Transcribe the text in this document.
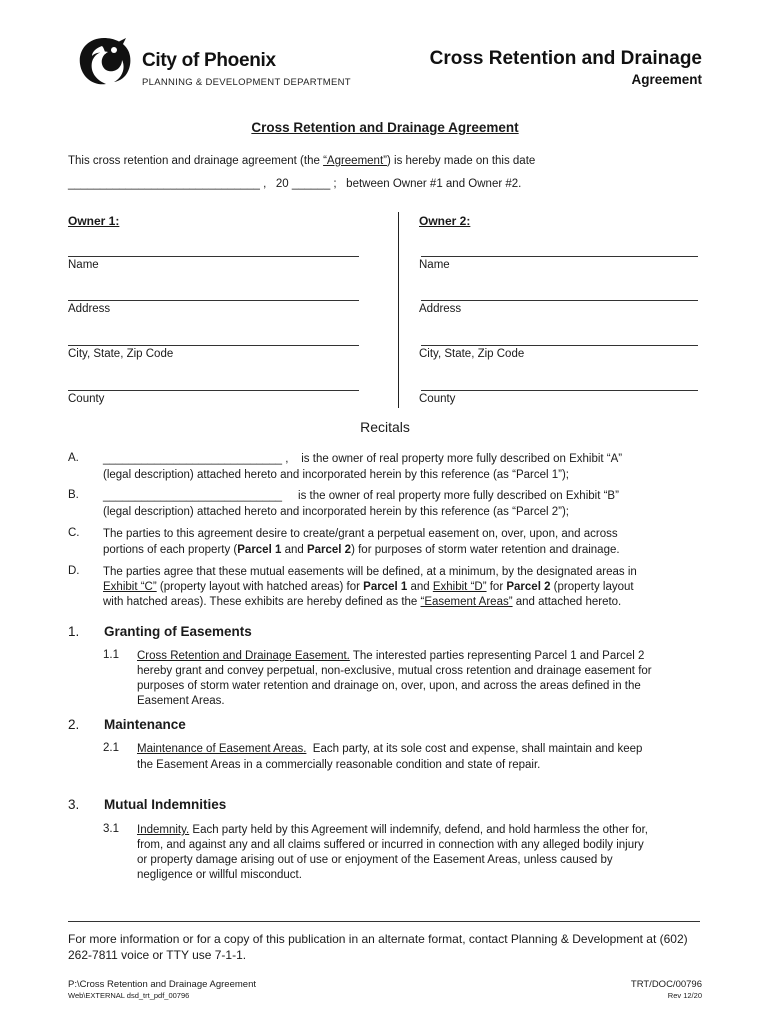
City of Phoenix
PLANNING & DEVELOPMENT DEPARTMENT
Cross Retention and Drainage
Agreement
Cross Retention and Drainage Agreement
This cross retention and drainage agreement (the “Agreement”) is hereby made on this date
______________________________ ,   20 ______ ;   between Owner #1 and Owner #2.
Owner 1:	Owner 2:
Name
Address
City, State, Zip Code
County
Name
Address
City, State, Zip Code
County
Recitals
A. ____________________________ ,    is the owner of real property more fully described on Exhibit “A”
(legal description) attached hereto and incorporated herein by this reference (as “Parcel 1”);
B. ____________________________     is the owner of real property more fully described on Exhibit “B”
(legal description) attached hereto and incorporated herein by this reference (as “Parcel 2”);
C. The parties to this agreement desire to create/grant a perpetual easement on, over, upon, and across
portions of each property (Parcel 1 and Parcel 2) for purposes of storm water retention and drainage.
D. The parties agree that these mutual easements will be defined, at a minimum, by the designated areas in
Exhibit “C” (property layout with hatched areas) for Parcel 1 and Exhibit “D” for Parcel 2 (property layout
with hatched areas). These exhibits are hereby defined as the “Easement Areas” and attached hereto.
1. Granting of Easements
1.1 Cross Retention and Drainage Easement. The interested parties representing Parcel 1 and Parcel 2
hereby grant and convey perpetual, non-exclusive, mutual cross retention and drainage easement for
purposes of storm water retention and drainage on, over, upon, and across the areas defined in the
Easement Areas.
2. Maintenance
2.1 Maintenance of Easement Areas.  Each party, at its sole cost and expense, shall maintain and keep
the Easement Areas in a commercially reasonable condition and state of repair.
3. Mutual Indemnities
3.1 Indemnity. Each party held by this Agreement will indemnify, defend, and hold harmless the other for,
from, and against any and all claims suffered or incurred in connection with any alleged bodily injury
or property damage arising out of use or enjoyment of the Easement Areas, unless caused by
negligence or willful misconduct.
For more information or for a copy of this publication in an alternate format, contact Planning & Development at (602) 262-7811 voice or TTY use 7-1-1.
P:\Cross Retention and Drainage Agreement
Web\EXTERNAL dsd_trt_pdf_00796
TRT/DOC/00796
Rev 12/20
